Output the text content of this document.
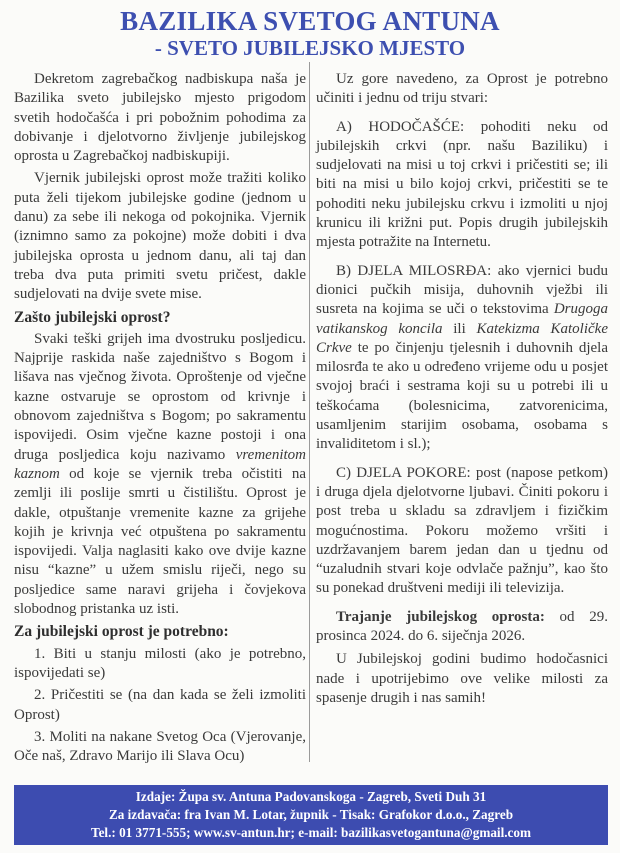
BAZILIKA SVETOG ANTUNA
- SVETO JUBILEJSKO MJESTO

Dekretom zagrebačkog nadbiskupa naša je Bazilika sveto jubilejsko mjesto prigodom svetih hodočašća i pri pobožnim pohodima za dobivanje i djelotvorno življenje jubilejskog oprosta u Zagrebačkoj nadbiskupiji.

Vjernik jubilejski oprost može tražiti koliko puta želi tijekom jubilejske godine (jednom u danu) za sebe ili nekoga od pokojnika. Vjernik (iznimno samo za pokojne) može dobiti i dva jubilejska oprosta u jednom danu, ali taj dan treba dva puta primiti svetu pričest, dakle sudjelovati na dvije svete mise.

Zašto jubilejski oprost?

Svaki teški grijeh ima dvostruku posljedicu. Najprije raskida naše zajedništvo s Bogom i lišava nas vječnog života. Oproštenje od vječne kazne ostvaruje se oprostom od krivnje i obnovom zajedništva s Bogom; po sakramentu ispovijedi. Osim vječne kazne postoji i ona druga posljedica koju nazivamo vremenitom kaznom od koje se vjernik treba očistiti na zemlji ili poslije smrti u čistilištu. Oprost je dakle, otpuštanje vremenite kazne za grijehe kojih je krivnja već otpuštena po sakramentu ispovijedi. Valja naglasiti kako ove dvije kazne nisu “kazne” u užem smislu riječi, nego su posljedice same naravi grijeha i čovjekova slobodnog pristanka uz isti.

Za jubilejski oprost je potrebno:

1. Biti u stanju milosti (ako je potrebno, ispovijedati se)

2. Pričestiti se (na dan kada se želi izmoliti Oprost)

3. Moliti na nakane Svetog Oca (Vjerovanje, Oče naš, Zdravo Marijo ili Slava Ocu)

Uz gore navedeno, za Oprost je potrebno učiniti i jednu od triju stvari:

A) HODOČAŠĆE: pohoditi neku od jubilejskih crkvi (npr. našu Baziliku) i sudjelovati na misi u toj crkvi i pričestiti se; ili biti na misi u bilo kojoj crkvi, pričestiti se te pohoditi neku jubilejsku crkvu i izmoliti u njoj krunicu ili križni put. Popis drugih jubilejskih mjesta potražite na Internetu.

B) DJELA MILOSRĐA: ako vjernici budu dionici pučkih misija, duhovnih vježbi ili susreta na kojima se uči o tekstovima Drugoga vatikanskog koncila ili Katekizma Katoličke Crkve te po činjenju tjelesnih i duhovnih djela milosrđa te ako u određeno vrijeme odu u posjet svojoj braći i sestrama koji su u potrebi ili u teškoćama (bolesnicima, zatvorenicima, usamljenim starijim osobama, osobama s invaliditetom i sl.);

C) DJELA POKORE: post (napose petkom) i druga djela djelotvorne ljubavi. Činiti pokoru i post treba u skladu sa zdravljem i fizičkim mogućnostima. Pokoru možemo vršiti i uzdržavanjem barem jedan dan u tjednu od “uzaludnih stvari koje odvlače pažnju”, kao što su ponekad društveni mediji ili televizija.

Trajanje jubilejskog oprosta: od 29. prosinca 2024. do 6. siječnja 2026.

U Jubilejskoj godini budimo hodočasnici nade i upotrijebimo ove velike milosti za spasenje drugih i nas samih!

Izdaje: Župa sv. Antuna Padovanskoga - Zagreb, Sveti Duh 31
Za izdavača: fra Ivan M. Lotar, župnik - Tisak: Grafokor d.o.o., Zagreb
Tel.: 01 3771-555; www.sv-antun.hr; e-mail: bazilikasvetogantuna@gmail.com
